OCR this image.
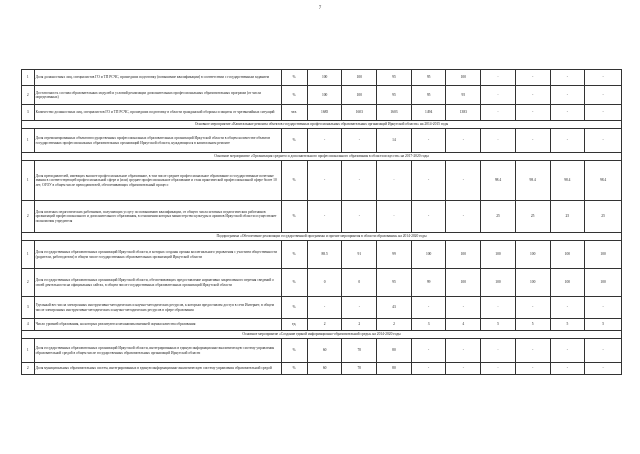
7
1	Доля должностных лиц, специалистов ГО и ТП РСЧС, прошедших подготовку (повышение квалификации) в соответствии с государственным заданием	%	100	100	95	95	100	-	-	-	-
2	Достаточность состава образовательных модулей и условий реализации дополнительных профессиональных образовательных программ (от числа определенных)	%	100	100	95	95	95	-	-	-	-
3	Количество должностных лиц, специалистов ГО и ТП РСЧС, прошедших подготовку в области гражданской обороны и защиты от чрезвычайных ситуаций	чел.	1685	1603	1603	1494	1383	-	-	-	-
Основное мероприятие «Капитальные ремонты объектов государственных профессиональных образовательных организаций Иркутской области» на 2014-2015 годы											
1	Доля отремонтированных объектовгосударственных профессиональных образовательных организаций Иркутской области в общем количестве объектов государственных профессиональных образовательных организаций Иркутской области, нуждающихся в капитальном ремонте	%	-	-	14	-	-	-	-	-	-
Основное мероприятие «Организация среднего и дополнительного профессионального образования в области искусств» на 2017-2020 годы											
1	Доля преподавателей, имеющих высшее профессиональное образование, в том числе среднее профессиональное образование и государственные почетные звания в соответствующей профессиональной сфере и (или) среднее профессиональное образование и стаж практической профессиональной сфере более 10 лет, ОГОУ в общем числе преподавателей, обеспечивающих образовательный процесс	%	-	-	-	-	-	98.4	98.4	98.4	98.4
2	Доля штатных педагогических работников, получающих услугу по повышению квалификации, от общего числа штатных педагогических работников организаций профессионального и дополнительного образования, в отношении которых министерство культуры и архивов Иркутской области осуществляет полномочия учредителя	%	-	-	-	-	-	25	25	25	25
Подпрограмма «Обеспечение реализации государственной программы и прочие мероприятия в области образования» на 2014-2020 годы											
1	Доля государственных образовательных организаций Иркутской области, в которых созданы органы коллегиального управления с участием общественности (родители, работодатели) в общем числе государственных образовательных организаций Иркутской области	%	88.5	91	99	100	100	100	100	100	100
2	Доля государственных образовательных организаций Иркутской области, обеспечивающих предоставление нормативно закрепленного перечня сведений о своей деятельности на официальных сайтах, в общем числе государственных образовательных организаций Иркутской области	%	0	0	95	99	100	100	100	100	100
3	Удельный вес числа электронных инструктивно-методических и научно-методических ресурсов, к которым предоставлен доступ в сети Интернет, в общем числе электронных инструктивно-методических и научно-методических ресурсов в сфере образования	%	-	-	43	-	-	-	-	-	-
4	Число уровней образования, на которых реализуются механизмы внешней оценки качества образования	ед.	2	2	2	3	4	5	5	5	5
Основное мероприятие «Создание единой информационно-образовательной среды» на 2014-2020 годы											
1	Доля государственных образовательных организаций Иркутской области, интегрированных в единую информационно-аналитическую систему управления образовательной средой в общем числе государственных образовательных организаций Иркутской области	%	60	70	80	-	-	-	-	-	-
2	Доля муниципальных образовательных систем, интегрированных в единую информационно-аналитическую систему управления образовательной средой	%	60	70	80	-	-	-	-	-	-
